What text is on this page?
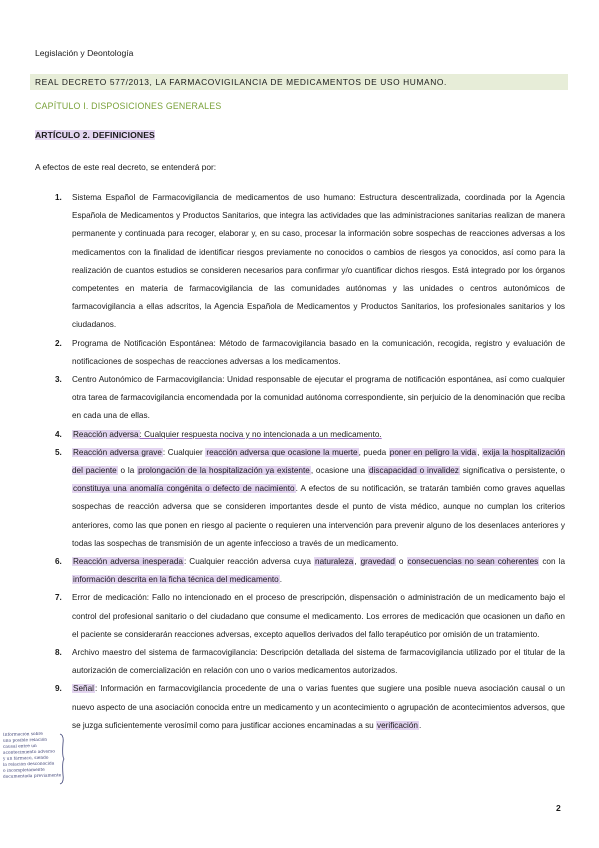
Legislación y Deontología
REAL DECRETO 577/2013, LA FARMACOVIGILANCIA DE MEDICAMENTOS DE USO HUMANO.
CAPÍTULO I. DISPOSICIONES GENERALES
ARTÍCULO 2. DEFINICIONES
A efectos de este real decreto, se entenderá por:
1. Sistema Español de Farmacovigilancia de medicamentos de uso humano: Estructura descentralizada, coordinada por la Agencia Española de Medicamentos y Productos Sanitarios, que integra las actividades que las administraciones sanitarias realizan de manera permanente y continuada para recoger, elaborar y, en su caso, procesar la información sobre sospechas de reacciones adversas a los medicamentos con la finalidad de identificar riesgos previamente no conocidos o cambios de riesgos ya conocidos, así como para la realización de cuantos estudios se consideren necesarios para confirmar y/o cuantificar dichos riesgos. Está integrado por los órganos competentes en materia de farmacovigilancia de las comunidades autónomas y las unidades o centros autonómicos de farmacovigilancia a ellas adscritos, la Agencia Española de Medicamentos y Productos Sanitarios, los profesionales sanitarios y los ciudadanos.
2. Programa de Notificación Espontánea: Método de farmacovigilancia basado en la comunicación, recogida, registro y evaluación de notificaciones de sospechas de reacciones adversas a los medicamentos.
3. Centro Autonómico de Farmacovigilancia: Unidad responsable de ejecutar el programa de notificación espontánea, así como cualquier otra tarea de farmacovigilancia encomendada por la comunidad autónoma correspondiente, sin perjuicio de la denominación que reciba en cada una de ellas.
4. Reacción adversa: Cualquier respuesta nociva y no intencionada a un medicamento.
5. Reacción adversa grave: Cualquier reacción adversa que ocasione la muerte, pueda poner en peligro la vida, exija la hospitalización del paciente o la prolongación de la hospitalización ya existente, ocasione una discapacidad o invalidez significativa o persistente, o constituya una anomalía congénita o defecto de nacimiento. A efectos de su notificación, se tratarán también como graves aquellas sospechas de reacción adversa que se consideren importantes desde el punto de vista médico, aunque no cumplan los criterios anteriores, como las que ponen en riesgo al paciente o requieren una intervención para prevenir alguno de los desenlaces anteriores y todas las sospechas de transmisión de un agente infeccioso a través de un medicamento.
6. Reacción adversa inesperada: Cualquier reacción adversa cuya naturaleza, gravedad o consecuencias no sean coherentes con la información descrita en la ficha técnica del medicamento.
7. Error de medicación: Fallo no intencionado en el proceso de prescripción, dispensación o administración de un medicamento bajo el control del profesional sanitario o del ciudadano que consume el medicamento. Los errores de medicación que ocasionen un daño en el paciente se considerarán reacciones adversas, excepto aquellos derivados del fallo terapéutico por omisión de un tratamiento.
8. Archivo maestro del sistema de farmacovigilancia: Descripción detallada del sistema de farmacovigilancia utilizado por el titular de la autorización de comercialización en relación con uno o varios medicamentos autorizados.
9. Señal: Información en farmacovigilancia procedente de una o varias fuentes que sugiere una posible nueva asociación causal o un nuevo aspecto de una asociación conocida entre un medicamento y un acontecimiento o agrupación de acontecimientos adversos, que se juzga suficientemente verosímil como para justificar acciones encaminadas a su verificación.
Información sobre
una posible relación
causal entre un
acontecimiento adverso
y un fármaco, siendo
la relación desconocida
o incompletamente
documentada previamente
2
